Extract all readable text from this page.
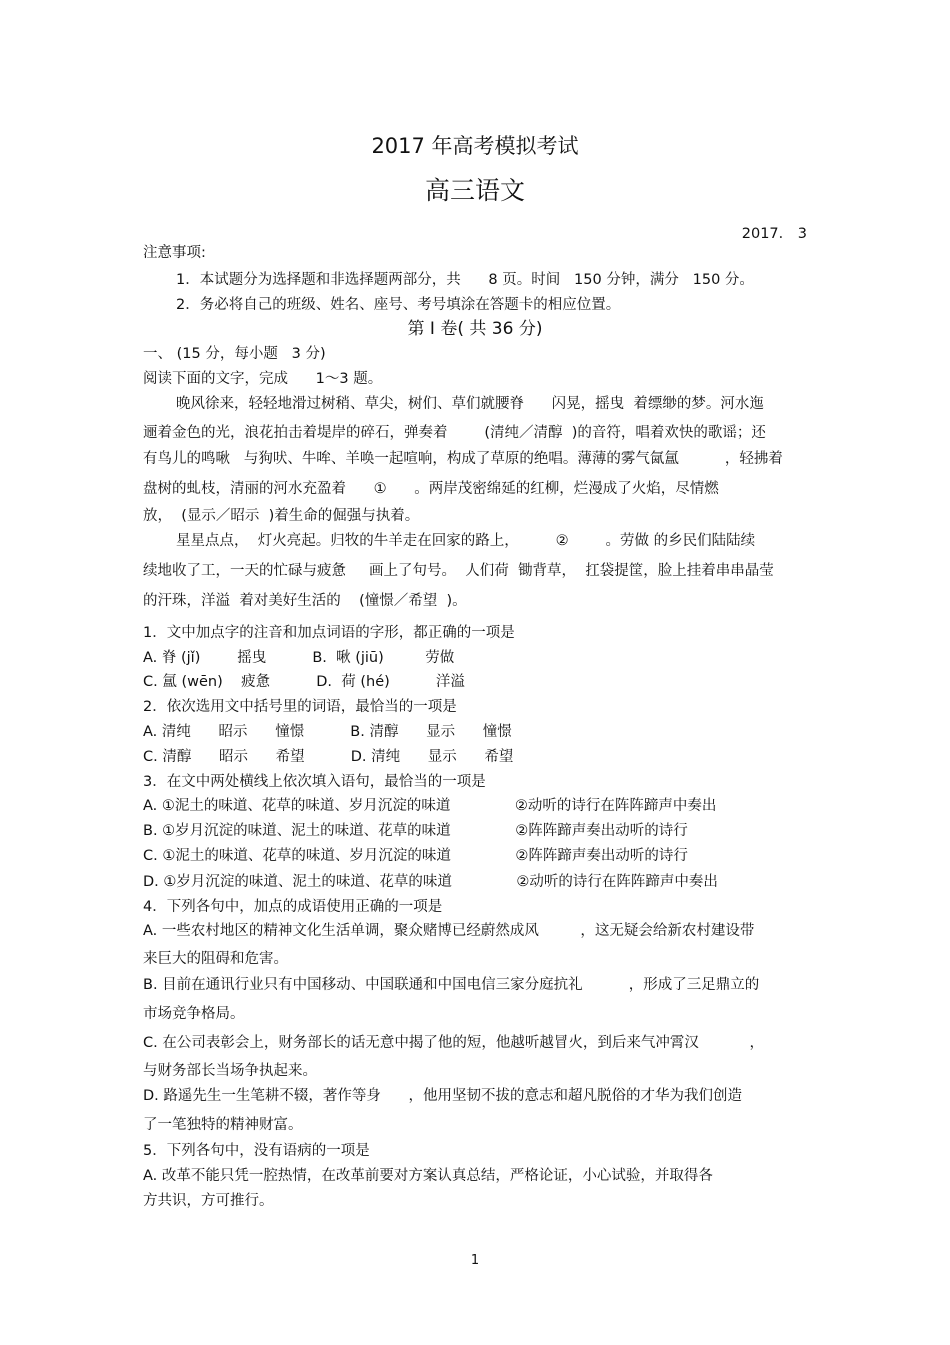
2017 年高考模拟考试
高三语文
2017． 3
注意事项:
1．本试题分为选择题和非选择题两部分，共      8 页。时间   150 分钟，满分   150 分。
2．务必将自己的班级、姓名、座号、考号填涂在答题卡的相应位置。
第 Ⅰ 卷( 共 36 分)
一、 (15 分，每小题   3 分)
阅读下面的文字，完成      1～3 题。
晚风徐来，轻轻地滑过树稍、草尖，树们、草们就腰脊      闪晃，摇曳  着缥缈的梦。河水迤
逦着金色的光，浪花拍击着堤岸的碎石，弹奏着        (清纯／清醇  )的音符，唱着欢快的歌谣；还
有鸟儿的鸣啾   与狗吠、牛哞、羊唤一起喧响，构成了草原的绝唱。薄薄的雾气氤氲          ，轻拂着
盘树的虬枝，清丽的河水充盈着      ①      。两岸茂密绵延的红柳，烂漫成了火焰，尽情燃
放，  (显示／昭示  )着生命的倔强与执着。
星星点点，  灯火亮起。归牧的牛羊走在回家的路上，        ②        。劳做 的乡民们陆陆续
续地收了工，一天的忙碌与疲惫     画上了句号。  人们荷  锄背草，  扛袋提筐，脸上挂着串串晶莹
的汗珠，洋溢  着对美好生活的    (憧憬／希望  )。
1．文中加点字的注音和加点词语的字形，都正确的一项是
A. 脊 (jǐ)        摇曳          B.  啾 (jiū)         劳做
C. 氲 (wēn)    疲惫          D.  荷 (hé)          洋溢
2．依次选用文中括号里的词语，最恰当的一项是
A. 清纯      昭示      憧憬          B. 清醇      显示      憧憬
C. 清醇      昭示      希望          D. 清纯      显示      希望
3．在文中两处横线上依次填入语句，最恰当的一项是
A. ①泥土的味道、花草的味道、岁月沉淀的味道              ②动听的诗行在阵阵蹄声中奏出
B. ①岁月沉淀的味道、泥土的味道、花草的味道              ②阵阵蹄声奏出动听的诗行
C. ①泥土的味道、花草的味道、岁月沉淀的味道              ②阵阵蹄声奏出动听的诗行
D. ①岁月沉淀的味道、泥土的味道、花草的味道              ②动听的诗行在阵阵蹄声中奏出
4．下列各句中，加点的成语使用正确的一项是
A. 一些农村地区的精神文化生活单调，聚众赌博已经蔚然成风         ，这无疑会给新农村建设带
来巨大的阻碍和危害。
B. 目前在通讯行业只有中国移动、中国联通和中国电信三家分庭抗礼          ，形成了三足鼎立的
市场竞争格局。
C. 在公司表彰会上，财务部长的话无意中揭了他的短，他越听越冒火，到后来气冲霄汉           ，
与财务部长当场争执起来。
D. 路遥先生一生笔耕不辍，著作等身      ，他用坚韧不拔的意志和超凡脱俗的才华为我们创造
了一笔独特的精神财富。
5．下列各句中，没有语病的一项是
A. 改革不能只凭一腔热情，在改革前要对方案认真总结，严格论证，小心试验，并取得各
方共识，方可推行。
1
